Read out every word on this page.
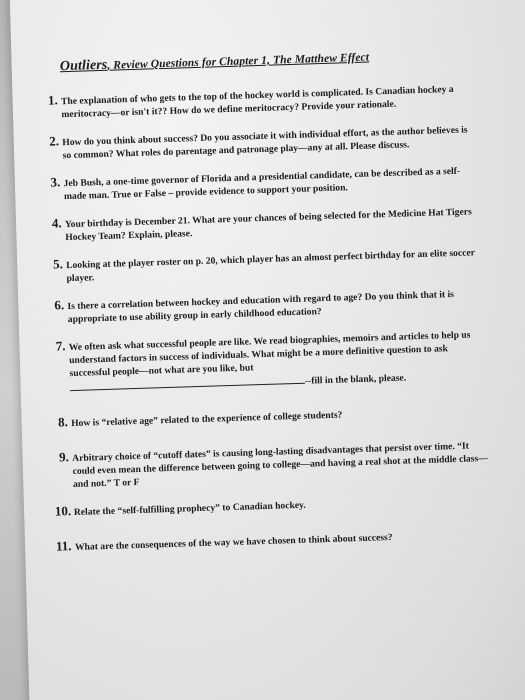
Outliers, Review Questions for Chapter 1, The Matthew Effect
1. The explanation of who gets to the top of the hockey world is complicated. Is Canadian hockey a meritocracy—or isn't it?? How do we define meritocracy? Provide your rationale.
2. How do you think about success? Do you associate it with individual effort, as the author believes is so common? What roles do parentage and patronage play—any at all. Please discuss.
3. Jeb Bush, a one-time governor of Florida and a presidential candidate, can be described as a self-made man. True or False – provide evidence to support your position.
4. Your birthday is December 21. What are your chances of being selected for the Medicine Hat Tigers Hockey Team? Explain, please.
5. Looking at the player roster on p. 20, which player has an almost perfect birthday for an elite soccer player.
6. Is there a correlation between hockey and education with regard to age? Do you think that it is appropriate to use ability group in early childhood education?
7. We often ask what successful people are like. We read biographies, memoirs and articles to help us understand factors in success of individuals. What might be a more definitive question to ask successful people—not what are you like, but
--fill in the blank, please.
8. How is “relative age” related to the experience of college students?
9. Arbitrary choice of “cutoff dates” is causing long-lasting disadvantages that persist over time. “It could even mean the difference between going to college—and having a real shot at the middle class—and not.” T or F
10. Relate the “self-fulfilling prophecy” to Canadian hockey.
11. What are the consequences of the way we have chosen to think about success?
